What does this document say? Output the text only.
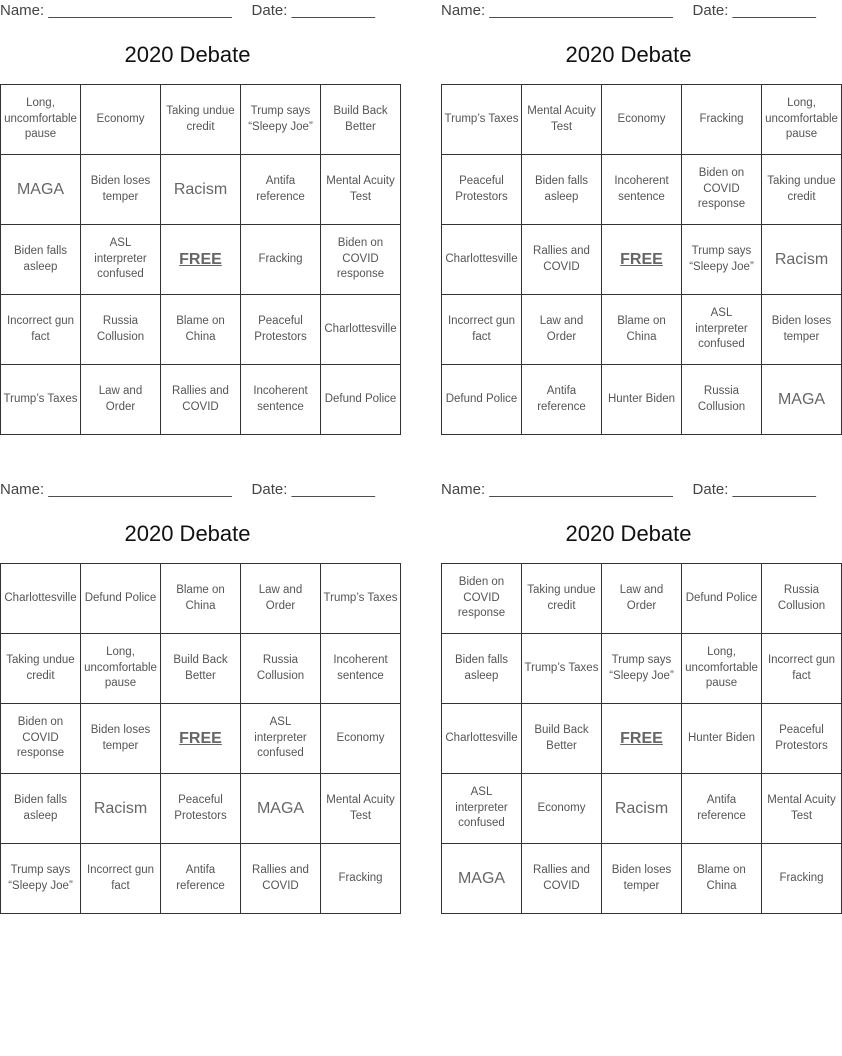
Name: ______________________ Date: __________
2020 Debate
Long, uncomfortable pause	Economy	Taking undue credit	Trump says “Sleepy Joe”	Build Back Better
MAGA	Biden loses temper	Racism	Antifa reference	Mental Acuity Test
Biden falls asleep	ASL interpreter confused	FREE	Fracking	Biden on COVID response
Incorrect gun fact	Russia Collusion	Blame on China	Peaceful Protestors	Charlottesville
Trump’s Taxes	Law and Order	Rallies and COVID	Incoherent sentence	Defund Police
Name: ______________________ Date: __________
2020 Debate
Trump’s Taxes	Mental Acuity Test	Economy	Fracking	Long, uncomfortable pause
Peaceful Protestors	Biden falls asleep	Incoherent sentence	Biden on COVID response	Taking undue credit
Charlottesville	Rallies and COVID	FREE	Trump says “Sleepy Joe”	Racism
Incorrect gun fact	Law and Order	Blame on China	ASL interpreter confused	Biden loses temper
Defund Police	Antifa reference	Hunter Biden	Russia Collusion	MAGA
Name: ______________________ Date: __________
2020 Debate
Charlottesville	Defund Police	Blame on China	Law and Order	Trump’s Taxes
Taking undue credit	Long, uncomfortable pause	Build Back Better	Russia Collusion	Incoherent sentence
Biden on COVID response	Biden loses temper	FREE	ASL interpreter confused	Economy
Biden falls asleep	Racism	Peaceful Protestors	MAGA	Mental Acuity Test
Trump says “Sleepy Joe”	Incorrect gun fact	Antifa reference	Rallies and COVID	Fracking
Name: ______________________ Date: __________
2020 Debate
Biden on COVID response	Taking undue credit	Law and Order	Defund Police	Russia Collusion
Biden falls asleep	Trump’s Taxes	Trump says “Sleepy Joe”	Long, uncomfortable pause	Incorrect gun fact
Charlottesville	Build Back Better	FREE	Hunter Biden	Peaceful Protestors
ASL interpreter confused	Economy	Racism	Antifa reference	Mental Acuity Test
MAGA	Rallies and COVID	Biden loses temper	Blame on China	Fracking
